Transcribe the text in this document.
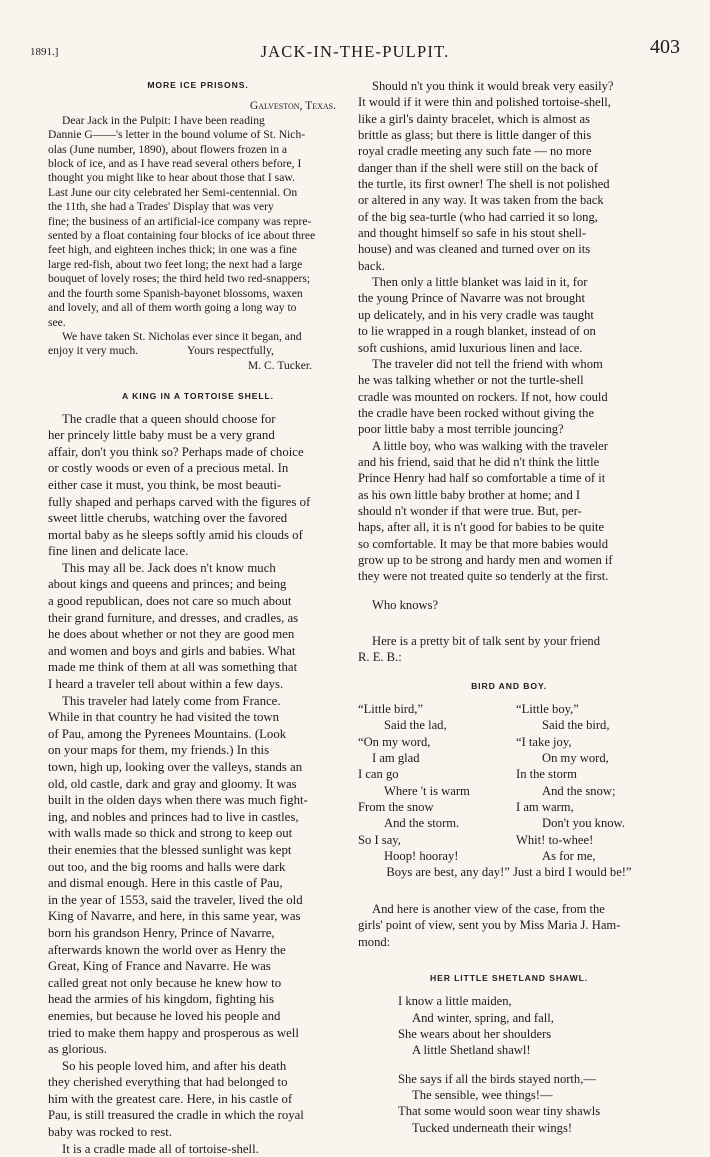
1891.]	JACK-IN-THE-PULPIT.	403
MORE ICE PRISONS.
Galveston, Texas.
Dear Jack in the Pulpit: I have been reading
Dannie G——'s letter in the bound volume of St. Nich-
olas (June number, 1890), about flowers frozen in a
block of ice, and as I have read several others before, I
thought you might like to hear about those that I saw.
Last June our city celebrated her Semi-centennial. On
the 11th, she had a Trades' Display that was very
fine; the business of an artificial-ice company was repre-
sented by a float containing four blocks of ice about three
feet high, and eighteen inches thick; in one was a fine
large red-fish, about two feet long; the next had a large
bouquet of lovely roses; the third held two red-snappers;
and the fourth some Spanish-bayonet blossoms, waxen
and lovely, and all of them worth going a long way to
see.
We have taken St. Nicholas ever since it began, and
enjoy it very much.                 Yours respectfully,
M. C. Tucker.
A KING IN A TORTOISE SHELL.
The cradle that a queen should choose for
her princely little baby must be a very grand
affair, don't you think so? Perhaps made of choice
or costly woods or even of a precious metal. In
either case it must, you think, be most beauti-
fully shaped and perhaps carved with the figures of
sweet little cherubs, watching over the favored
mortal baby as he sleeps softly amid his clouds of
fine linen and delicate lace.
This may all be. Jack does n't know much
about kings and queens and princes; and being
a good republican, does not care so much about
their grand furniture, and dresses, and cradles, as
he does about whether or not they are good men
and women and boys and girls and babies. What
made me think of them at all was something that
I heard a traveler tell about within a few days.
This traveler had lately come from France.
While in that country he had visited the town
of Pau, among the Pyrenees Mountains. (Look
on your maps for them, my friends.) In this
town, high up, looking over the valleys, stands an
old, old castle, dark and gray and gloomy. It was
built in the olden days when there was much fight-
ing, and nobles and princes had to live in castles,
with walls made so thick and strong to keep out
their enemies that the blessed sunlight was kept
out too, and the big rooms and halls were dark
and dismal enough. Here in this castle of Pau,
in the year of 1553, said the traveler, lived the old
King of Navarre, and here, in this same year, was
born his grandson Henry, Prince of Navarre,
afterwards known the world over as Henry the
Great, King of France and Navarre. He was
called great not only because he knew how to
head the armies of his kingdom, fighting his
enemies, but because he loved his people and
tried to make them happy and prosperous as well
as glorious.
So his people loved him, and after his death
they cherished everything that had belonged to
him with the greatest care. Here, in his castle of
Pau, is still treasured the cradle in which the royal
baby was rocked to rest.
It is a cradle made all of tortoise-shell.
Should n't you think it would break very easily?
It would if it were thin and polished tortoise-shell,
like a girl's dainty bracelet, which is almost as
brittle as glass; but there is little danger of this
royal cradle meeting any such fate — no more
danger than if the shell were still on the back of
the turtle, its first owner! The shell is not polished
or altered in any way. It was taken from the back
of the big sea-turtle (who had carried it so long,
and thought himself so safe in his stout shell-
house) and was cleaned and turned over on its
back.
Then only a little blanket was laid in it, for
the young Prince of Navarre was not brought
up delicately, and in his very cradle was taught
to lie wrapped in a rough blanket, instead of on
soft cushions, amid luxurious linen and lace.
The traveler did not tell the friend with whom
he was talking whether or not the turtle-shell
cradle was mounted on rockers. If not, how could
the cradle have been rocked without giving the
poor little baby a most terrible jouncing?
A little boy, who was walking with the traveler
and his friend, said that he did n't think the little
Prince Henry had half so comfortable a time of it
as his own little baby brother at home; and I
should n't wonder if that were true. But, per-
haps, after all, it is n't good for babies to be quite
so comfortable. It may be that more babies would
grow up to be strong and hardy men and women if
they were not treated quite so tenderly at the first.
Who knows?
Here is a pretty bit of talk sent by your friend
R. E. B.:
BIRD AND BOY.
“Little bird,”
Said the lad,
“On my word,
I am glad
I can go
Where 't is warm
From the snow
And the storm.
So I say,
Hoop! hooray!
“Little boy,”
Said the bird,
“I take joy,
On my word,
In the storm
And the snow;
I am warm,
Don't you know.
Whit! to-whee!
As for me,
Boys are best, any day!” Just a bird I would be!”
And here is another view of the case, from the
girls' point of view, sent you by Miss Maria J. Ham-
mond:
HER LITTLE SHETLAND SHAWL.
I know a little maiden,
And winter, spring, and fall,
She wears about her shoulders
A little Shetland shawl!
She says if all the birds stayed north,—
The sensible, wee things!—
That some would soon wear tiny shawls
Tucked underneath their wings!
